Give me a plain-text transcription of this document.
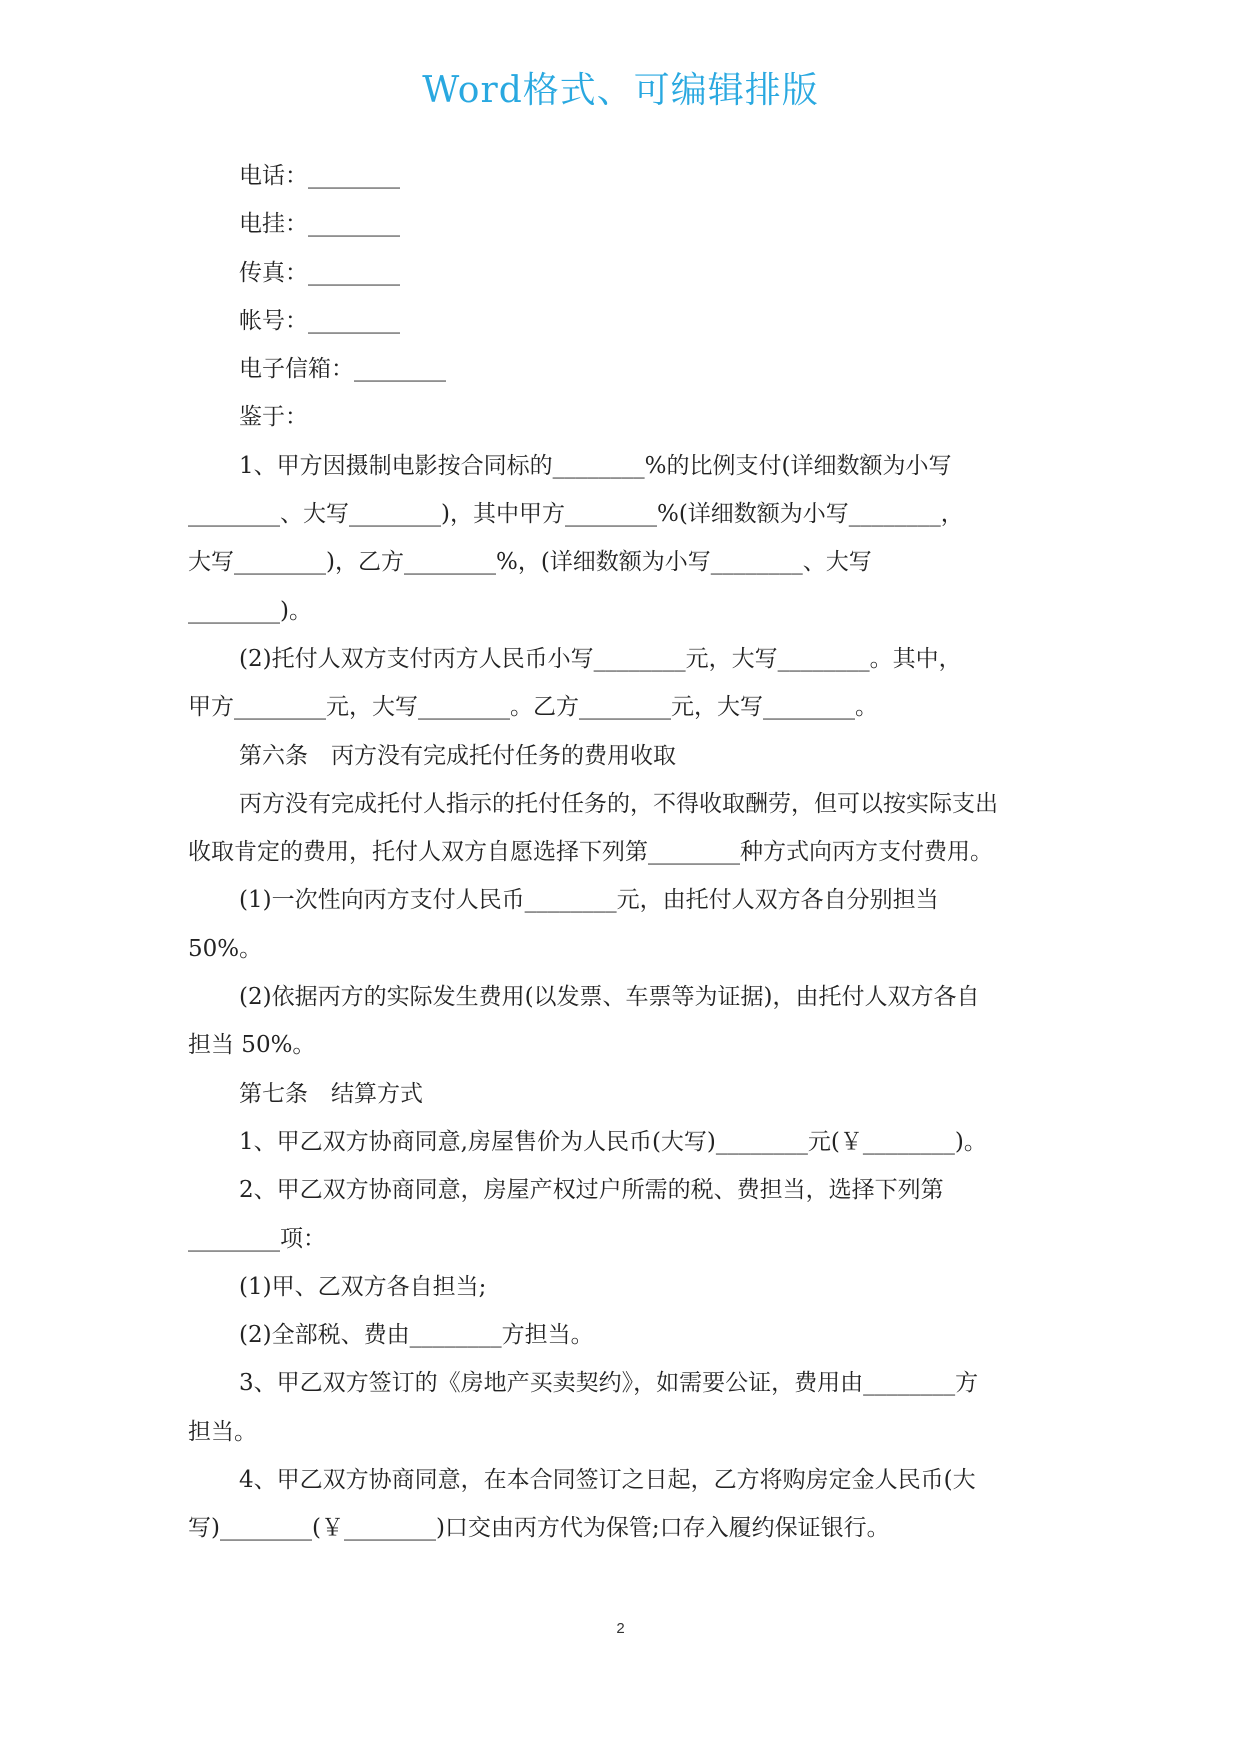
Word格式、可编辑排版
电话：________
电挂：________
传真：________
帐号：________
电子信箱：________
鉴于：
1、甲方因摄制电影按合同标的________%的比例支付(详细数额为小写
________、大写________)，其中甲方________%(详细数额为小写________，
大写________)，乙方________%，(详细数额为小写________、大写
________)。
(2)托付人双方支付丙方人民币小写________元，大写________。其中，
甲方________元，大写________。乙方________元，大写________。
第六条　丙方没有完成托付任务的费用收取
丙方没有完成托付人指示的托付任务的，不得收取酬劳，但可以按实际支出
收取肯定的费用，托付人双方自愿选择下列第________种方式向丙方支付费用。
(1)一次性向丙方支付人民币________元，由托付人双方各自分别担当
50%。
(2)依据丙方的实际发生费用(以发票、车票等为证据)，由托付人双方各自
担当 50%。
第七条　结算方式
1、甲乙双方协商同意,房屋售价为人民币(大写)________元(￥________)。
2、甲乙双方协商同意，房屋产权过户所需的税、费担当，选择下列第
________项：
(1)甲、乙双方各自担当;
(2)全部税、费由________方担当。
3、甲乙双方签订的《房地产买卖契约》，如需要公证，费用由________方
担当。
4、甲乙双方协商同意，在本合同签订之日起，乙方将购房定金人民币(大
写)________(￥________)口交由丙方代为保管;口存入履约保证银行。
2
